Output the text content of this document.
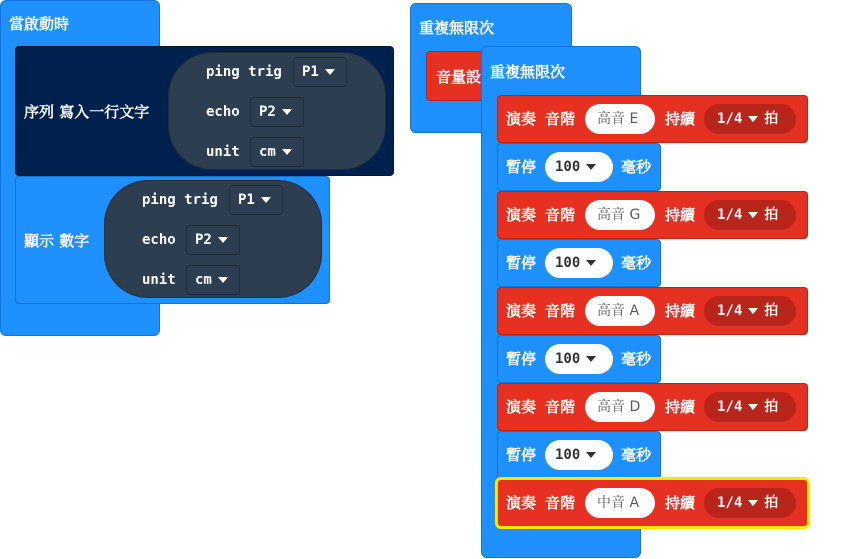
當啟動時
序列 寫入一行文字
ping trig	P1
echo	P2
unit	cm
顯示 數字
ping trig	P1
echo	P2
unit	cm
重複無限次
音量設 重複無限次
演奏 音階	高音 E	持續	1/4 拍
暫停	100	毫秒
演奏 音階	高音 G	持續	1/4 拍
暫停	100	毫秒
演奏 音階	高音 A	持續	1/4 拍
暫停	100	毫秒
演奏 音階	高音 D	持續	1/4 拍
暫停	100	毫秒
演奏 音階	中音 A	持續	1/4 拍
